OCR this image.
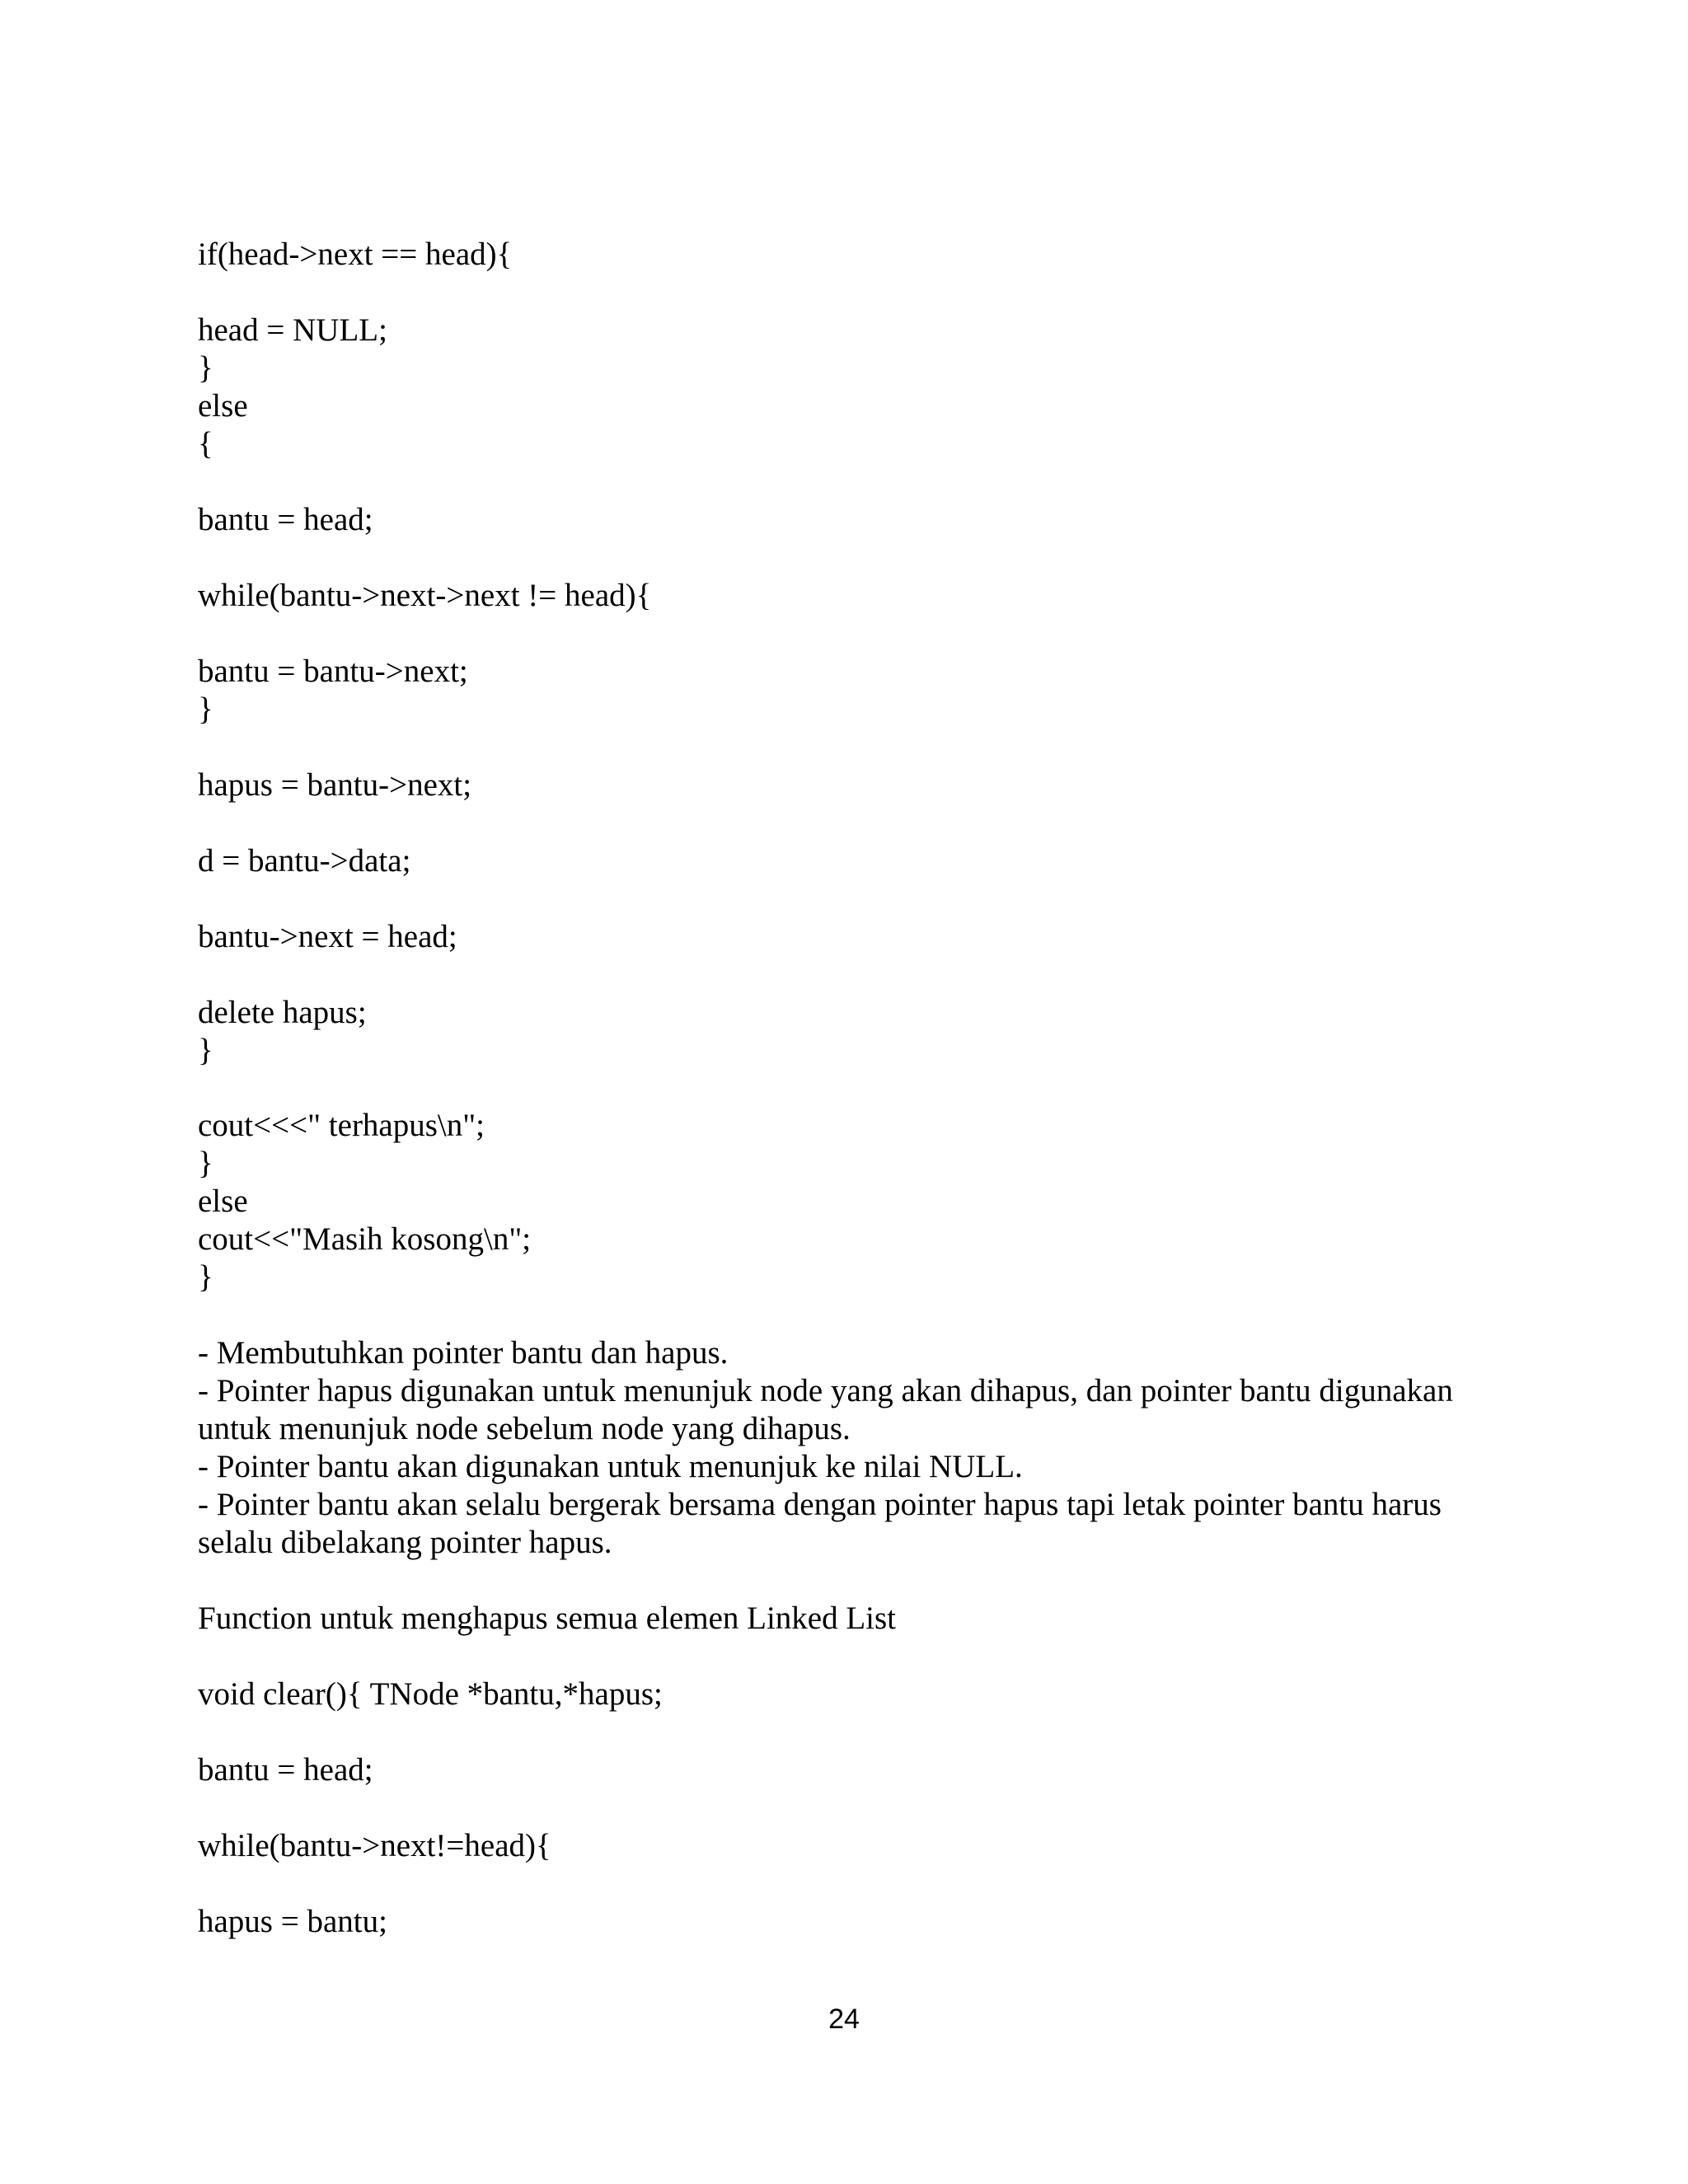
if(head->next == head){
head = NULL;
}
else
{
bantu = head;
while(bantu->next->next != head){
bantu = bantu->next;
}
hapus = bantu->next;
d = bantu->data;
bantu->next = head;
delete hapus;
}
cout<<<" terhapus\n";
}
else
cout<<"Masih kosong\n";
}
- Membutuhkan pointer bantu dan hapus.
- Pointer hapus digunakan untuk menunjuk node yang akan dihapus, dan pointer bantu digunakan
untuk menunjuk node sebelum node yang dihapus.
- Pointer bantu akan digunakan untuk menunjuk ke nilai NULL.
- Pointer bantu akan selalu bergerak bersama dengan pointer hapus tapi letak pointer bantu harus
selalu dibelakang pointer hapus.
Function untuk menghapus semua elemen Linked List
void clear(){ TNode *bantu,*hapus;
bantu = head;
while(bantu->next!=head){
hapus = bantu;
24
